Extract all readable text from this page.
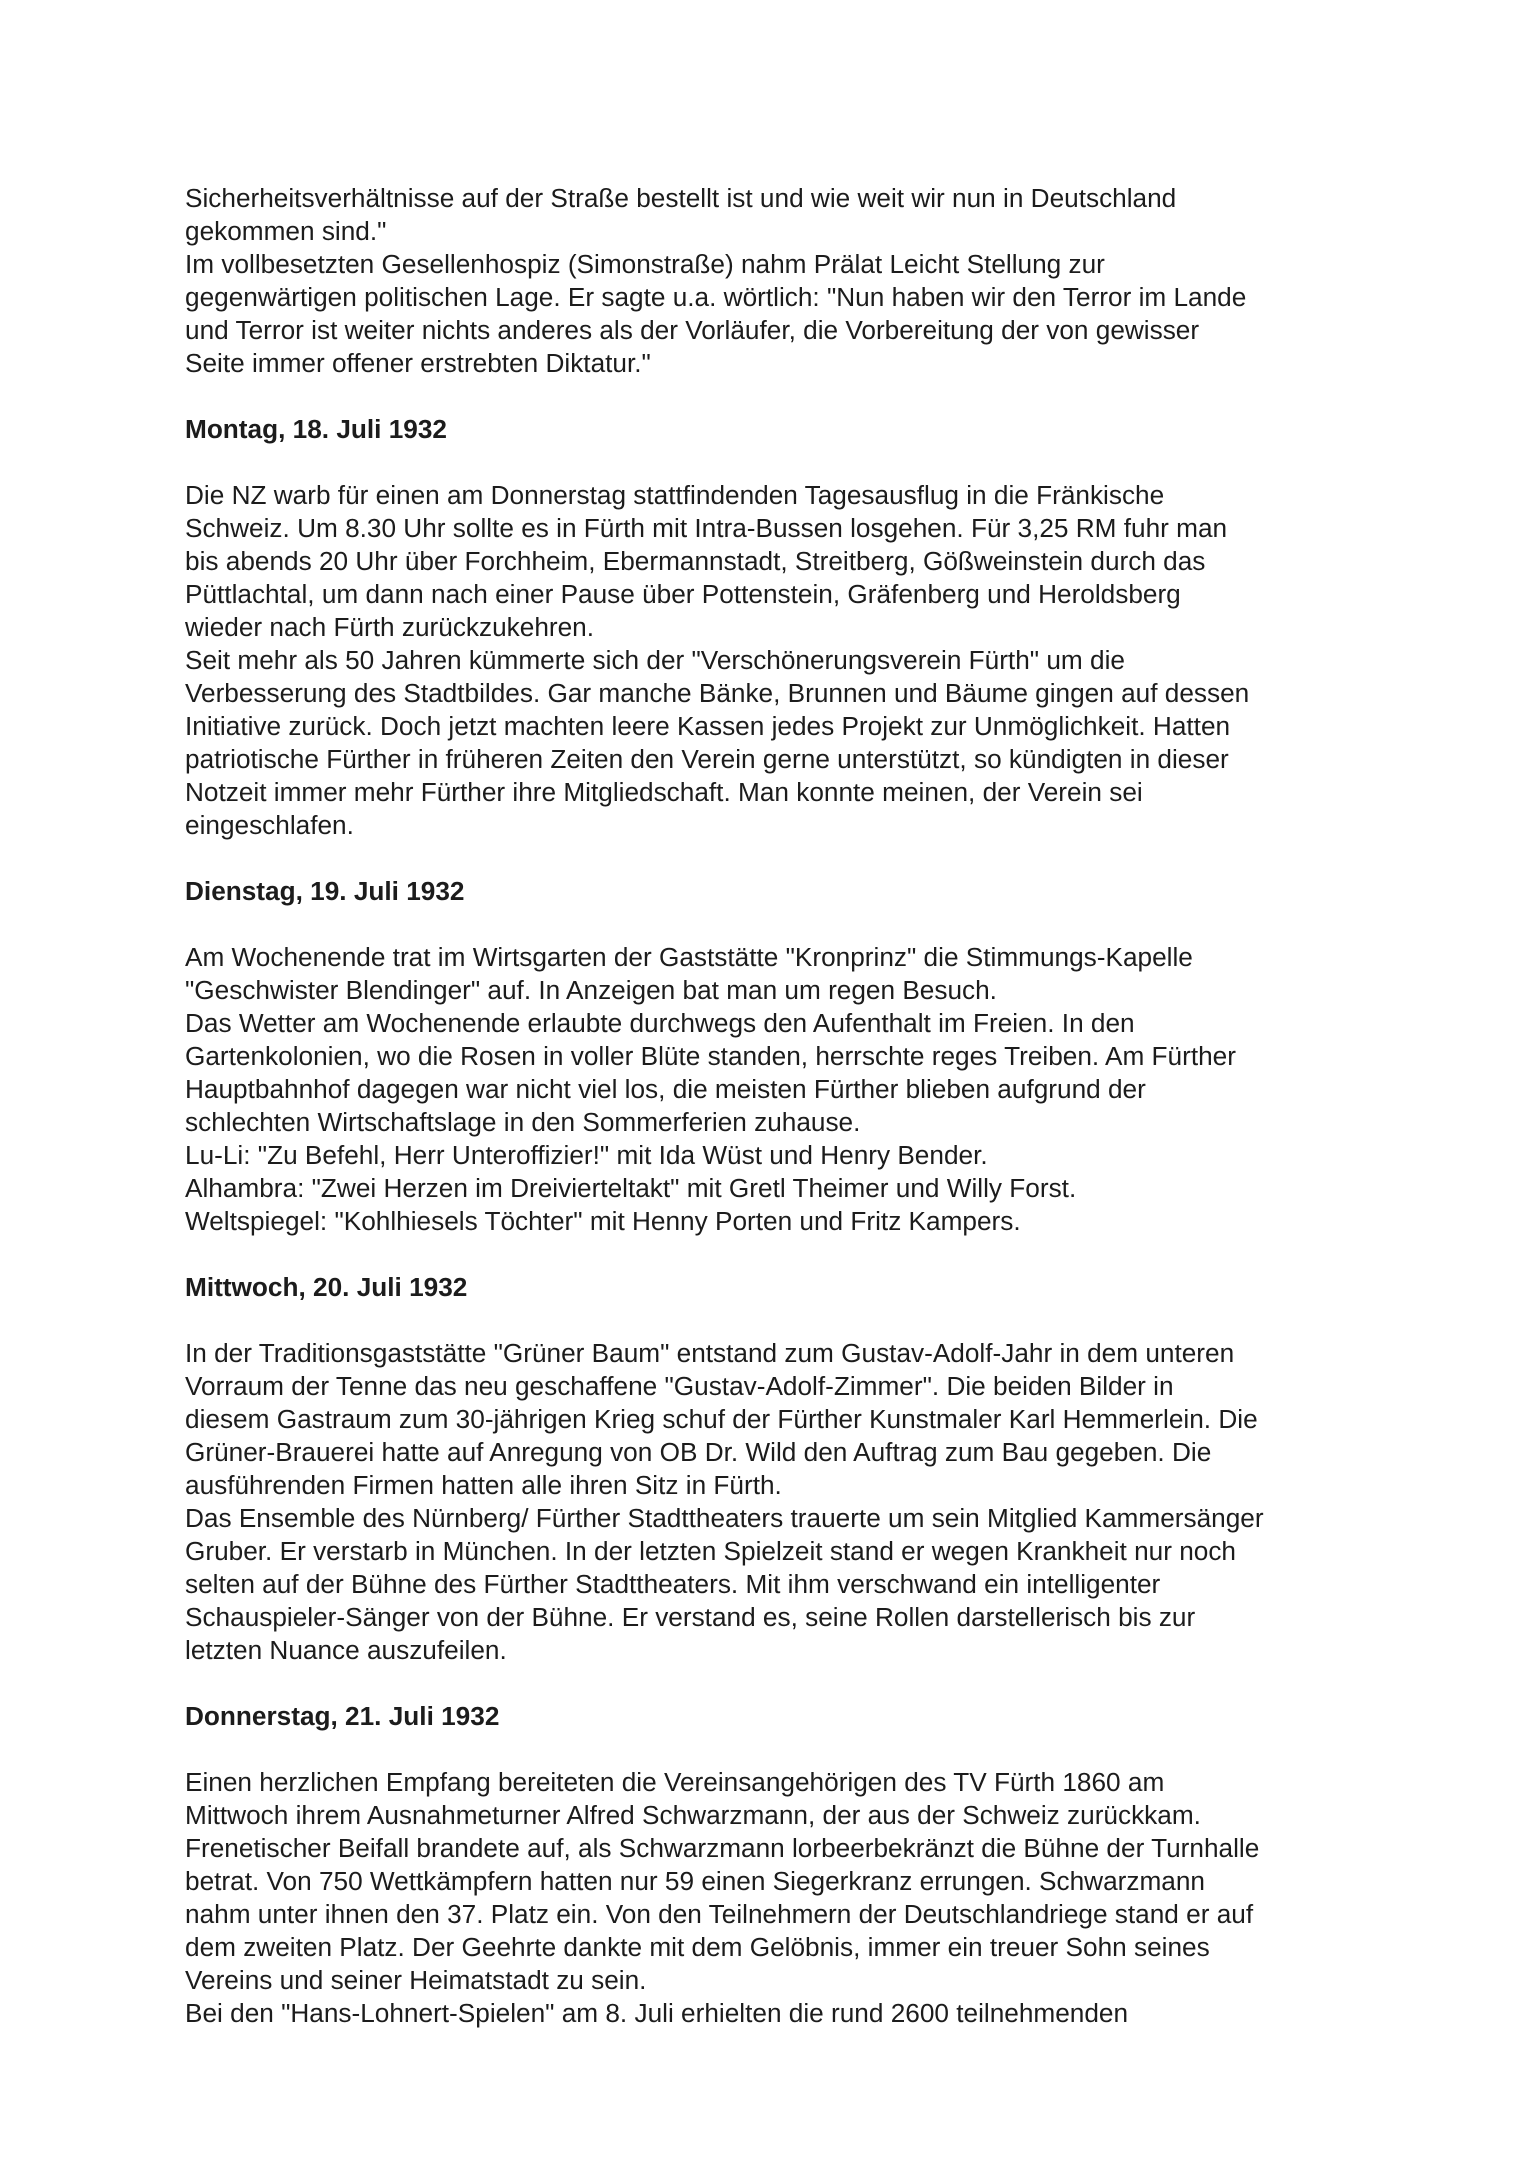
Sicherheitsverhältnisse auf der Straße bestellt ist und wie weit wir nun in Deutschland
gekommen sind."
Im vollbesetzten Gesellenhospiz (Simonstraße) nahm Prälat Leicht Stellung zur
gegenwärtigen politischen Lage. Er sagte u.a. wörtlich: "Nun haben wir den Terror im Lande
und Terror ist weiter nichts anderes als der Vorläufer, die Vorbereitung der von gewisser
Seite immer offener erstrebten Diktatur."
Montag, 18. Juli 1932
Die NZ warb für einen am Donnerstag stattfindenden Tagesausflug in die Fränkische
Schweiz. Um 8.30 Uhr sollte es in Fürth mit Intra-Bussen losgehen. Für 3,25 RM fuhr man
bis abends 20 Uhr über Forchheim, Ebermannstadt, Streitberg, Gößweinstein durch das
Püttlachtal, um dann nach einer Pause über Pottenstein, Gräfenberg und Heroldsberg
wieder nach Fürth zurückzukehren.
Seit mehr als 50 Jahren kümmerte sich der "Verschönerungsverein Fürth" um die
Verbesserung des Stadtbildes. Gar manche Bänke, Brunnen und Bäume gingen auf dessen
Initiative zurück. Doch jetzt machten leere Kassen jedes Projekt zur Unmöglichkeit. Hatten
patriotische Fürther in früheren Zeiten den Verein gerne unterstützt, so kündigten in dieser
Notzeit immer mehr Fürther ihre Mitgliedschaft. Man konnte meinen, der Verein sei
eingeschlafen.
Dienstag, 19. Juli 1932
Am Wochenende trat im Wirtsgarten der Gaststätte "Kronprinz" die Stimmungs-Kapelle
"Geschwister Blendinger" auf. In Anzeigen bat man um regen Besuch.
Das Wetter am Wochenende erlaubte durchwegs den Aufenthalt im Freien. In den
Gartenkolonien, wo die Rosen in voller Blüte standen, herrschte reges Treiben. Am Fürther
Hauptbahnhof dagegen war nicht viel los, die meisten Fürther blieben aufgrund der
schlechten Wirtschaftslage in den Sommerferien zuhause.
Lu-Li: "Zu Befehl, Herr Unteroffizier!" mit Ida Wüst und Henry Bender.
Alhambra: "Zwei Herzen im Dreivierteltakt" mit Gretl Theimer und Willy Forst.
Weltspiegel: "Kohlhiesels Töchter" mit Henny Porten und Fritz Kampers.
Mittwoch, 20. Juli 1932
In der Traditionsgaststätte "Grüner Baum" entstand zum Gustav-Adolf-Jahr in dem unteren
Vorraum der Tenne das neu geschaffene "Gustav-Adolf-Zimmer". Die beiden Bilder in
diesem Gastraum zum 30-jährigen Krieg schuf der Fürther Kunstmaler Karl Hemmerlein. Die
Grüner-Brauerei hatte auf Anregung von OB Dr. Wild den Auftrag zum Bau gegeben. Die
ausführenden Firmen hatten alle ihren Sitz in Fürth.
Das Ensemble des Nürnberg/ Fürther Stadttheaters trauerte um sein Mitglied Kammersänger
Gruber. Er verstarb in München. In der letzten Spielzeit stand er wegen Krankheit nur noch
selten auf der Bühne des Fürther Stadttheaters. Mit ihm verschwand ein intelligenter
Schauspieler-Sänger von der Bühne. Er verstand es, seine Rollen darstellerisch bis zur
letzten Nuance auszufeilen.
Donnerstag, 21. Juli 1932
Einen herzlichen Empfang bereiteten die Vereinsangehörigen des TV Fürth 1860 am
Mittwoch ihrem Ausnahmeturner Alfred Schwarzmann, der aus der Schweiz zurückkam.
Frenetischer Beifall brandete auf, als Schwarzmann lorbeerbekränzt die Bühne der Turnhalle
betrat. Von 750 Wettkämpfern hatten nur 59 einen Siegerkranz errungen. Schwarzmann
nahm unter ihnen den 37. Platz ein. Von den Teilnehmern der Deutschlandriege stand er auf
dem zweiten Platz. Der Geehrte dankte mit dem Gelöbnis, immer ein treuer Sohn seines
Vereins und seiner Heimatstadt zu sein.
Bei den "Hans-Lohnert-Spielen" am 8. Juli erhielten die rund 2600 teilnehmenden
